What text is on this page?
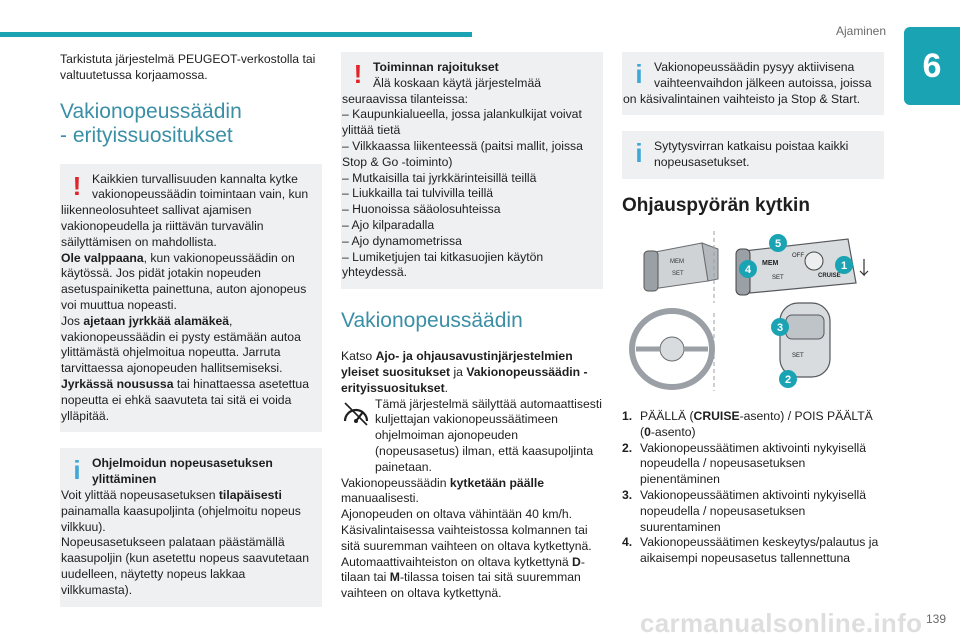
Ajaminen
6

Tarkistuta järjestelmä PEUGEOT-verkostolla tai valtuutetussa korjaamossa.

Vakionopeussäädin
- erityissuositukset
! Kaikkien turvallisuuden kannalta kytke vakionopeussäädin toimintaan vain, kun

liikenneolosuhteet sallivat ajamisen vakionopeudella ja riittävän turvavälin säilyttämisen on mahdollista.

Ole valppaana, kun vakionopeussäädin on käytössä. Jos pidät jotakin nopeuden asetuspainiketta painettuna, auton ajonopeus voi muuttua nopeasti.

Jos ajetaan jyrkkää alamäkeä, vakionopeussäädin ei pysty estämään autoa ylittämästä ohjelmoitua nopeutta. Jarruta tarvittaessa ajonopeuden hallitsemiseksi.

Jyrkässä nousussa tai hinattaessa asetettua nopeutta ei ehkä saavuteta tai sitä ei voida ylläpitää.

i Ohjelmoidun nopeusasetuksen ylittäminen

Voit ylittää nopeusasetuksen tilapäisesti painamalla kaasupoljinta (ohjelmoitu nopeus vilkkuu).

Nopeusasetukseen palataan päästämällä kaasupoljin (kun asetettu nopeus saavutetaan uudelleen, näytetty nopeus lakkaa vilkkumasta).

! Toiminnan rajoitukset

Älä koskaan käytä järjestelmää

seuraavissa tilanteissa:

– Kaupunkialueella, jossa jalankulkijat voivat ylittää tietä

– Vilkkaassa liikenteessä (paitsi mallit, joissa Stop & Go -toiminto)

– Mutkaisilla tai jyrkkärinteisillä teillä

– Liukkailla tai tulvivilla teillä

– Huonoissa sääolosuhteissa

– Ajo kilparadalla

– Ajo dynamometrissa

– Lumiketjujen tai kitkasuojien käytön yhteydessä.

Vakionopeussäädin

Katso Ajo- ja ohjausavustinjärjestelmien yleiset suositukset ja Vakionopeussäädin - erityissuositukset.

Tämä järjestelmä säilyttää automaattisesti kuljettajan vakionopeussäätimeen ohjelmoiman ajonopeuden (nopeusasetus) ilman, että kaasupoljinta painetaan.

Vakionopeussäädin kytketään päälle manuaalisesti.

Ajonopeuden on oltava vähintään 40 km/h.

Käsivalintaisessa vaihteistossa kolmannen tai sitä suuremman vaihteen on oltava kytkettynä.

Automaattivaihteiston on oltava kytkettynä D-tilaan tai M-tilassa toisen tai sitä suuremman vaihteen on oltava kytkettynä.

i Vakionopeussäädin pysyy aktiivisena vaihteenvaihdon jälkeen autoissa, joissa

on käsivalintainen vaihteisto ja Stop & Start.

i Sytytysvirran katkaisu poistaa kaikki nopeusasetukset.

Ohjauspyörän kytkin
MEM
SET
MEM
OFF
SET	CRUISE
SET
1
2
3
4
5
1. PÄÄLLÄ (CRUISE-asento) / POIS PÄÄLTÄ (0-asento)
2. Vakionopeussäätimen aktivointi nykyisellä nopeudella / nopeusasetuksen pienentäminen
3. Vakionopeussäätimen aktivointi nykyisellä nopeudella / nopeusasetuksen suurentaminen
4. Vakionopeussäätimen keskeytys/palautus ja aikaisempi nopeusasetus tallennettuna
carmanualsonline.info 139
